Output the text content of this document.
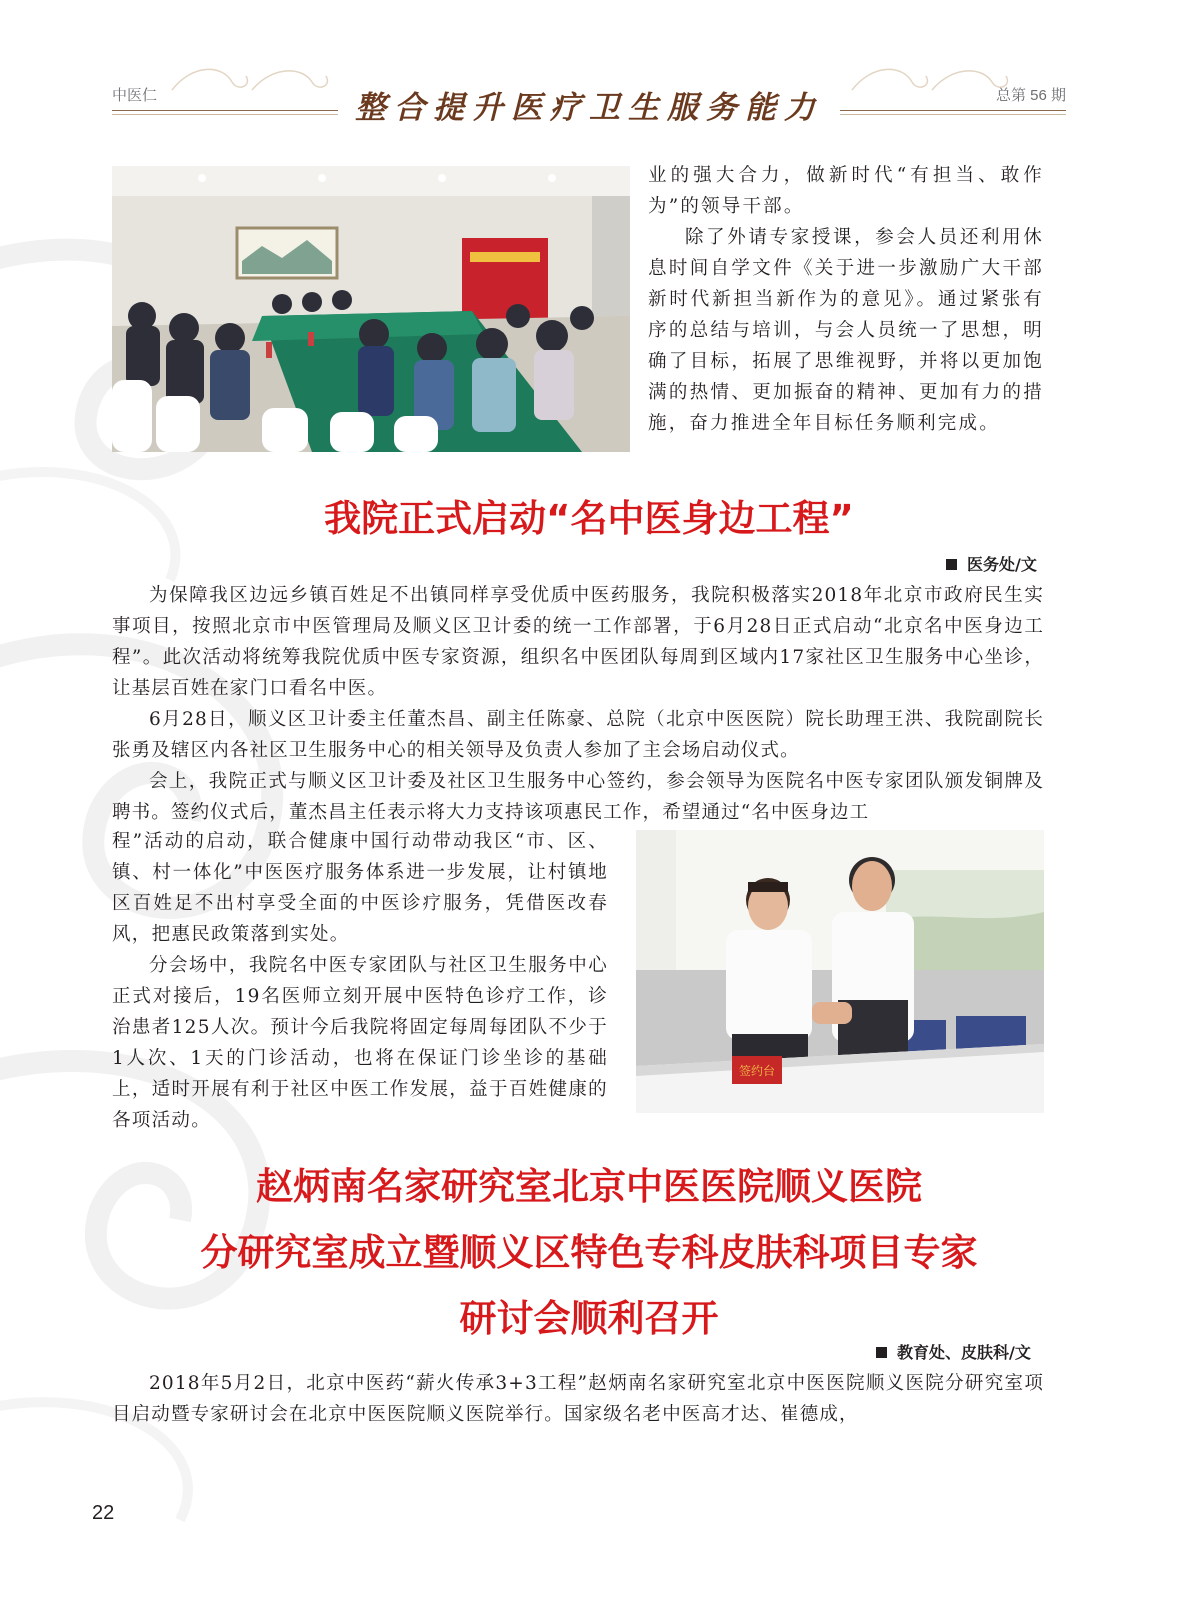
中医仁	整合提升医疗卫生服务能力	总第 56 期

业的强大合力，做新时代“有担当、敢作为”的领导干部。

除了外请专家授课，参会人员还利用休息时间自学文件《关于进一步激励广大干部新时代新担当新作为的意见》。通过紧张有序的总结与培训，与会人员统一了思想，明确了目标，拓展了思维视野，并将以更加饱满的热情、更加振奋的精神、更加有力的措施，奋力推进全年目标任务顺利完成。

我院正式启动“名中医身边工程”
医务处/文

为保障我区边远乡镇百姓足不出镇同样享受优质中医药服务，我院积极落实2018年北京市政府民生实事项目，按照北京市中医管理局及顺义区卫计委的统一工作部署，于6月28日正式启动“北京名中医身边工程”。此次活动将统筹我院优质中医专家资源，组织名中医团队每周到区域内17家社区卫生服务中心坐诊，让基层百姓在家门口看名中医。

6月28日，顺义区卫计委主任董杰昌、副主任陈豪、总院（北京中医医院）院长助理王洪、我院副院长张勇及辖区内各社区卫生服务中心的相关领导及负责人参加了主会场启动仪式。

会上，我院正式与顺义区卫计委及社区卫生服务中心签约，参会领导为医院名中医专家团队颁发铜牌及聘书。签约仪式后，董杰昌主任表示将大力支持该项惠民工作，希望通过“名中医身边工

程”活动的启动，联合健康中国行动带动我区“市、区、镇、村一体化”中医医疗服务体系进一步发展，让村镇地区百姓足不出村享受全面的中医诊疗服务，凭借医改春风，把惠民政策落到实处。

分会场中，我院名中医专家团队与社区卫生服务中心正式对接后，19名医师立刻开展中医特色诊疗工作，诊治患者125人次。预计今后我院将固定每周每团队不少于1人次、1天的门诊活动，也将在保证门诊坐诊的基础上，适时开展有利于社区中医工作发展，益于百姓健康的各项活动。

签约台
赵炳南名家研究室北京中医医院顺义医院
分研究室成立暨顺义区特色专科皮肤科项目专家
研讨会顺利召开
教育处、皮肤科/文

2018年5月2日，北京中医药“薪火传承3+3工程”赵炳南名家研究室北京中医医院顺义医院分研究室项目启动暨专家研讨会在北京中医医院顺义医院举行。国家级名老中医高才达、崔德成，

22
